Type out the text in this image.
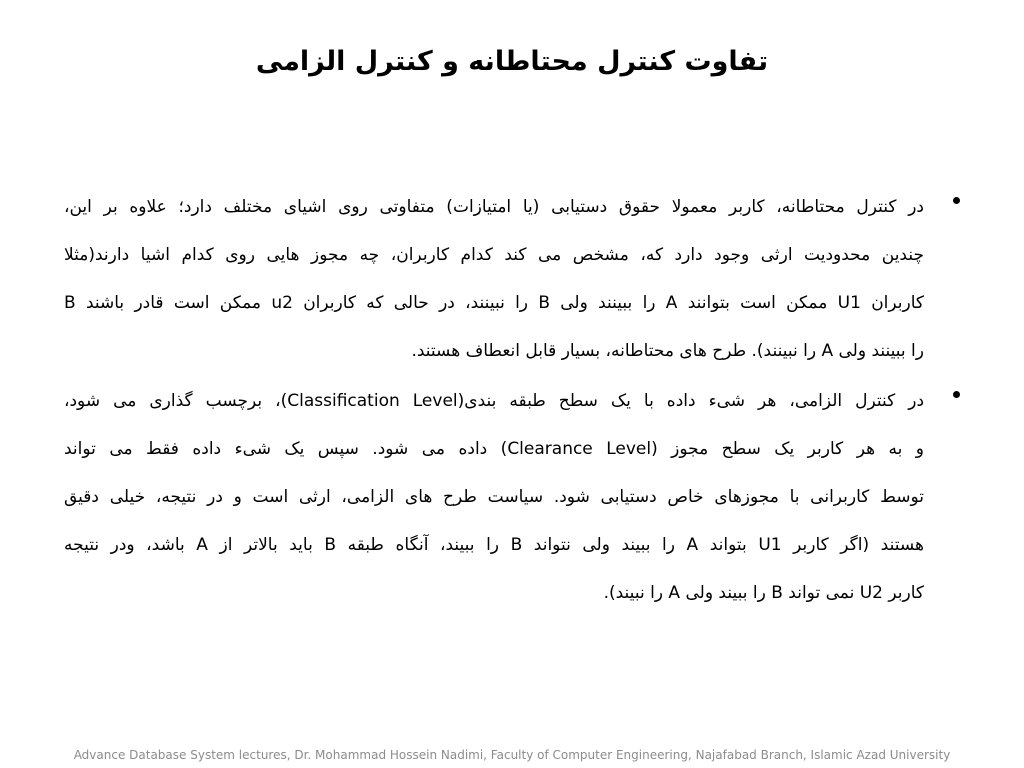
تفاوت کنترل محتاطانه و کنترل الزامی
در کنترل محتاطانه، کاربر معمولا حقوق دستیابی (یا امتیازات) متفاوتی روی اشیای مختلف دارد؛ علاوه بر این،
چندین محدودیت ارثی وجود دارد که، مشخص می کند کدام کاربران، چه مجوز هایی روی کدام اشیا دارند(مثلا
کاربران U1 ممکن است بتوانند A را ببینند ولی B را نبینند، در حالی که کاربران u2 ممکن است قادر باشند B
را ببینند ولی A را نبینند). طرح های محتاطانه، بسیار قابل انعطاف هستند.
در کنترل الزامی، هر شیء داده با یک سطح طبقه بندی(Classification Level)، برچسب گذاری می شود،
و به هر کاربر یک سطح مجوز (Clearance Level) داده می شود. سپس یک شیء داده فقط می تواند
توسط کاربرانی با مجوزهای خاص دستیابی شود. سیاست طرح های الزامی، ارثی است و در نتیجه، خیلی دقیق
هستند (اگر کاربر U1 بتواند A را ببیند ولی نتواند B را ببیند، آنگاه طبقه B باید بالاتر از A باشد، ودر نتیجه
کاربر U2 نمی تواند B را ببیند ولی A را نبیند).
Advance Database System lectures, Dr. Mohammad Hossein Nadimi, Faculty of Computer Engineering, Najafabad Branch, Islamic Azad University
